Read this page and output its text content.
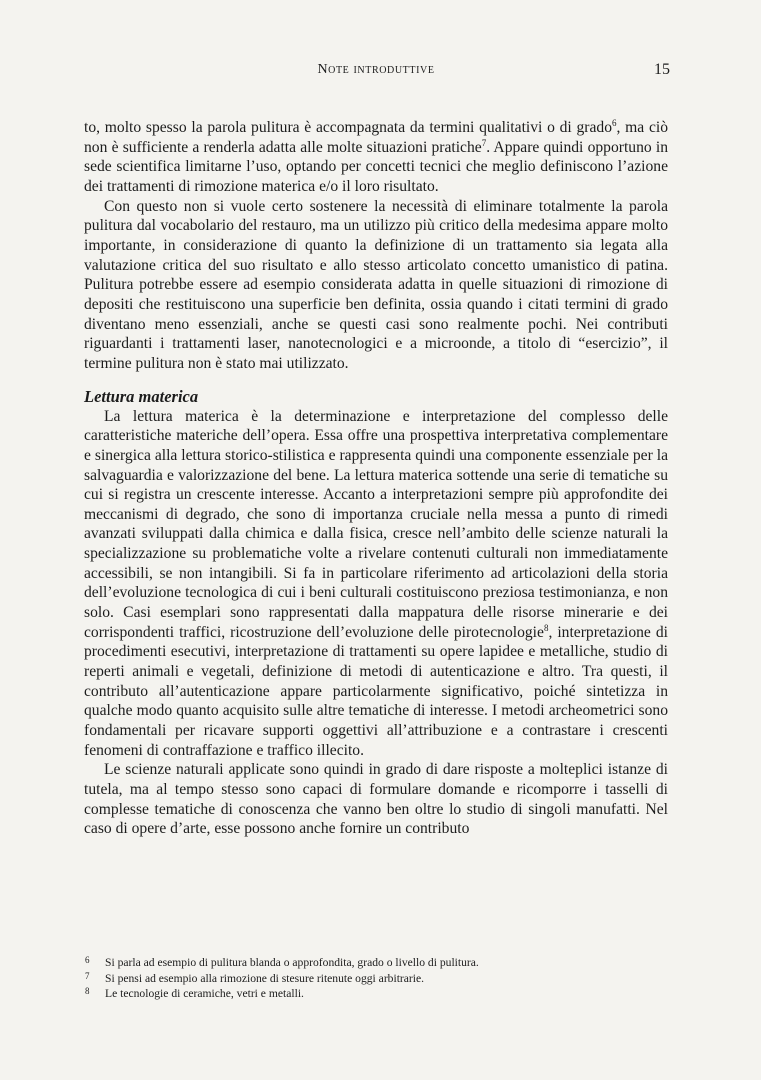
Note introduttive	15

to, molto spesso la parola pulitura è accompagnata da termini qualitativi o di grado$^6$, ma ciò non è sufficiente a renderla adatta alle molte situazioni pratiche$^7$. Appare quindi opportuno in sede scientifica limitarne l’uso, optando per concetti tecnici che meglio definiscono l’azione dei trattamenti di rimozione materica e/o il loro risultato.

Con questo non si vuole certo sostenere la necessità di eliminare totalmente la parola pulitura dal vocabolario del restauro, ma un utilizzo più critico della medesima appare molto importante, in considerazione di quanto la definizione di un trattamento sia legata alla valutazione critica del suo risultato e allo stesso articolato concetto umanistico di patina. Pulitura potrebbe essere ad esempio considerata adatta in quelle situazioni di rimozione di depositi che restituiscono una superficie ben definita, ossia quando i citati termini di grado diventano meno essenziali, anche se questi casi sono realmente pochi. Nei contributi riguardanti i trattamenti laser, nanotecnologici e a microonde, a titolo di “esercizio”, il termine pulitura non è stato mai utilizzato.

Lettura materica

La lettura materica è la determinazione e interpretazione del complesso delle caratteristiche materiche dell’opera. Essa offre una prospettiva interpretativa complementare e sinergica alla lettura storico-stilistica e rappresenta quindi una componente essenziale per la salvaguardia e valorizzazione del bene. La lettura materica sottende una serie di tematiche su cui si registra un crescente interesse. Accanto a interpretazioni sempre più approfondite dei meccanismi di degrado, che sono di importanza cruciale nella messa a punto di rimedi avanzati sviluppati dalla chimica e dalla fisica, cresce nell’ambito delle scienze naturali la specializzazione su problematiche volte a rivelare contenuti culturali non immediatamente accessibili, se non intangibili. Si fa in particolare riferimento ad articolazioni della storia dell’evoluzione tecnologica di cui i beni culturali costituiscono preziosa testimonianza, e non solo. Casi esemplari sono rappresentati dalla mappatura delle risorse minerarie e dei corrispondenti traffici, ricostruzione dell’evoluzione delle pirotecnologie$^8$, interpretazione di procedimenti esecutivi, interpretazione di trattamenti su opere lapidee e metalliche, studio di reperti animali e vegetali, definizione di metodi di autenticazione e altro. Tra questi, il contributo all’autenticazione appare particolarmente significativo, poiché sintetizza in qualche modo quanto acquisito sulle altre tematiche di interesse. I metodi archeometrici sono fondamentali per ricavare supporti oggettivi all’attribuzione e a contrastare i crescenti fenomeni di contraffazione e traffico illecito.

Le scienze naturali applicate sono quindi in grado di dare risposte a molteplici istanze di tutela, ma al tempo stesso sono capaci di formulare domande e ricomporre i tasselli di complesse tematiche di conoscenza che vanno ben oltre lo studio di singoli manufatti. Nel caso di opere d’arte, esse possono anche fornire un contributo

6 Si parla ad esempio di pulitura blanda o approfondita, grado o livello di pulitura.

7 Si pensi ad esempio alla rimozione di stesure ritenute oggi arbitrarie.

8 Le tecnologie di ceramiche, vetri e metalli.
